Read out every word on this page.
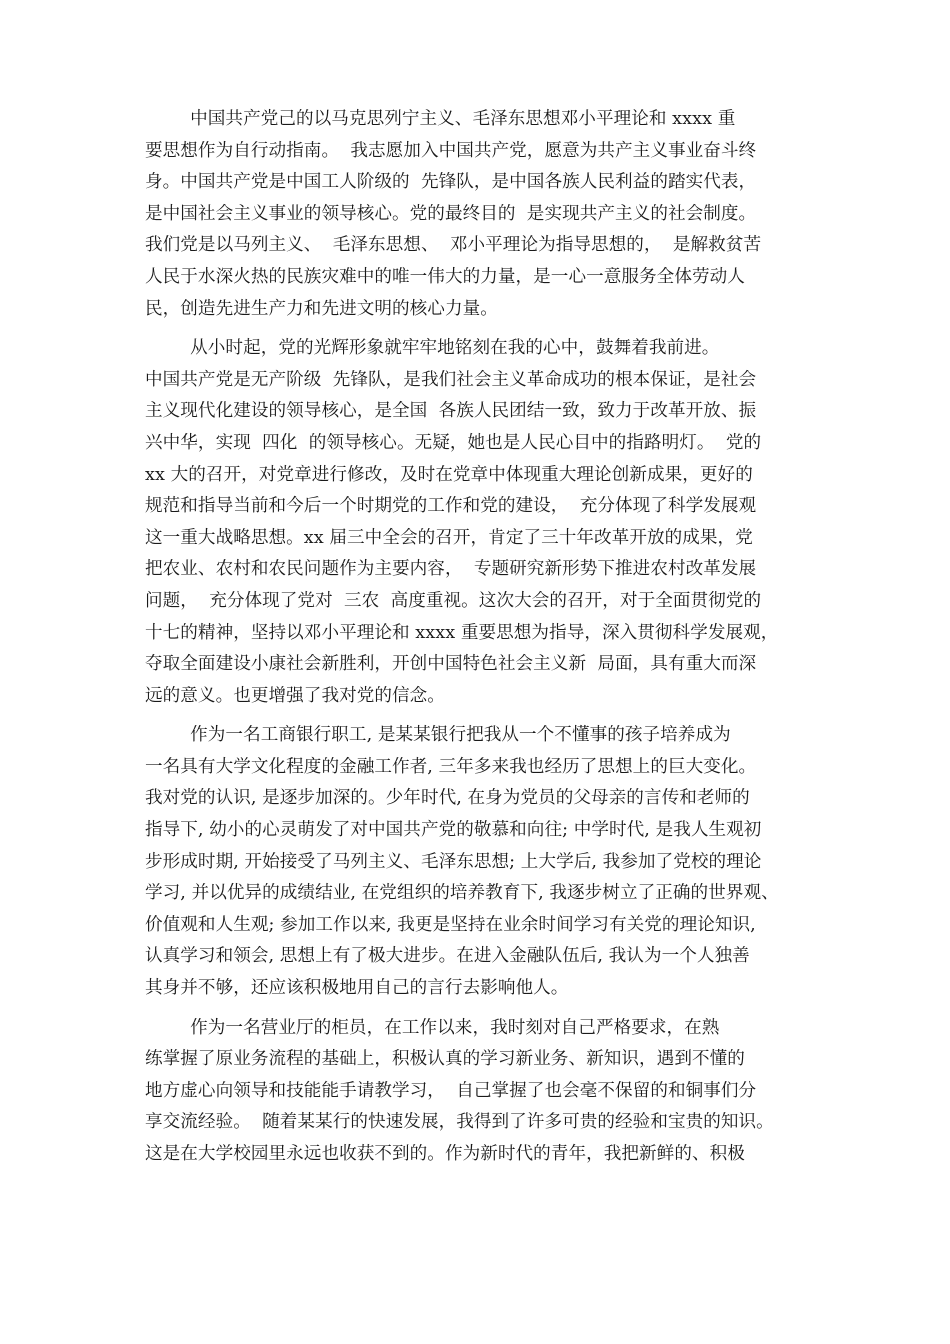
中国共产党己的以马克思列宁主义、毛泽东思想邓小平理论和 xxxx 重
要思想作为自行动指南。  我志愿加入中国共产党，愿意为共产主义事业奋斗终
身。中国共产党是中国工人阶级的  先锋队，是中国各族人民利益的踏实代表，
是中国社会主义事业的领导核心。党的最终目的  是实现共产主义的社会制度。
我们党是以马列主义、  毛泽东思想、  邓小平理论为指导思想的，  是解救贫苦
人民于水深火热的民族灾难中的唯一伟大的力量，是一心一意服务全体劳动人
民，创造先进生产力和先进文明的核心力量。

从小时起，党的光辉形象就牢牢地铭刻在我的心中，鼓舞着我前进。
中国共产党是无产阶级  先锋队，是我们社会主义革命成功的根本保证，是社会
主义现代化建设的领导核心，是全国  各族人民团结一致，致力于改革开放、振
兴中华，实现  四化  的领导核心。无疑，她也是人民心目中的指路明灯。  党的
xx 大的召开，对党章进行修改，及时在党章中体现重大理论创新成果，更好的
规范和指导当前和今后一个时期党的工作和党的建设，  充分体现了科学发展观
这一重大战略思想。xx 届三中全会的召开，肯定了三十年改革开放的成果，党
把农业、农村和农民问题作为主要内容，  专题研究新形势下推进农村改革发展
问题，  充分体现了党对  三农  高度重视。这次大会的召开，对于全面贯彻党的
十七的精神，坚持以邓小平理论和 xxxx 重要思想为指导，深入贯彻科学发展观，
夺取全面建设小康社会新胜利，开创中国特色社会主义新  局面，具有重大而深
远的意义。也更增强了我对党的信念。

作为一名工商银行职工, 是某某银行把我从一个不懂事的孩子培养成为
一名具有大学文化程度的金融工作者, 三年多来我也经历了思想上的巨大变化。
我对党的认识, 是逐步加深的。少年时代, 在身为党员的父母亲的言传和老师的
指导下, 幼小的心灵萌发了对中国共产党的敬慕和向往; 中学时代, 是我人生观初
步形成时期, 开始接受了马列主义、毛泽东思想; 上大学后, 我参加了党校的理论
学习, 并以优异的成绩结业, 在党组织的培养教育下, 我逐步树立了正确的世界观、
价值观和人生观; 参加工作以来, 我更是坚持在业余时间学习有关党的理论知识,
认真学习和领会, 思想上有了极大进步。在进入金融队伍后, 我认为一个人独善
其身并不够，还应该积极地用自己的言行去影响他人。

作为一名营业厅的柜员，在工作以来，我时刻对自己严格要求，在熟
练掌握了原业务流程的基础上，积极认真的学习新业务、新知识，遇到不懂的
地方虚心向领导和技能能手请教学习，  自己掌握了也会毫不保留的和铜事们分
享交流经验。  随着某某行的快速发展，我得到了许多可贵的经验和宝贵的知识。
这是在大学校园里永远也收获不到的。作为新时代的青年，我把新鲜的、积极
